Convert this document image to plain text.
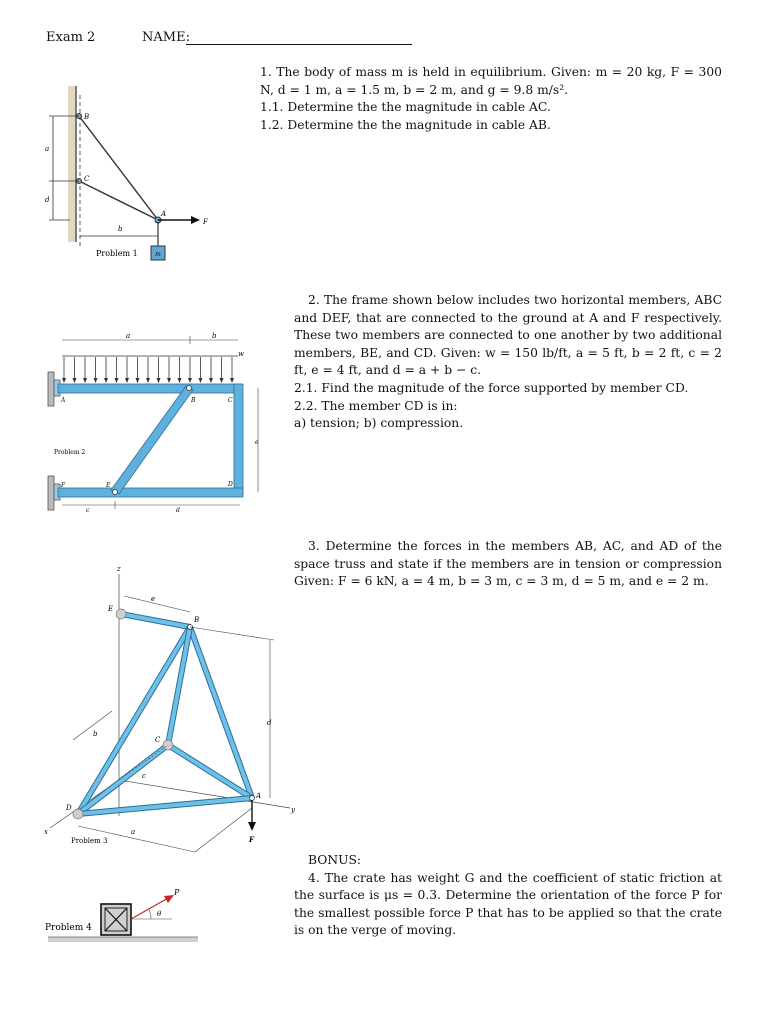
Exam 2	NAME:

1. The body of mass m is held in equilibrium. Given: m = 20 kg, F = 300 N, d = 1 m, a = 1.5 m, b = 2 m, and g = 9.8 m/s².

1.1. Determine the the magnitude in cable AC.

1.2. Determine the the magnitude in cable AB.

m
a
d
b
B
C
A
F
Problem 1

2. The frame shown below includes two horizontal members, ABC and DEF, that are connected to the ground at A and F respectively. These two members are connected to one another by two additional members, BE, and CD. Given: w = 150 lb/ft, a = 5 ft, b = 2 ft, c = 2 ft, e = 4 ft, and d = a + b − c.

2.1. Find the magnitude of the force supported by member CD.

2.2. The member CD is in:

a) tension; b) compression.

a	b
w
A	B	C
D
E
F
e
c	d
Problem 2

3. Determine the forces in the members AB, AC, and AD of the space truss and state if the members are in tension or compression Given: F = 6 kN, a = 4 m, b = 3 m, c = 3 m, d = 5 m, and e = 2 m.

z
x
y
F
d
e
b
c
a
E
B
C
D
A
Problem 3

BONUS:

4. The crate has weight G and the coefficient of static friction at the surface is μs = 0.3. Determine the orientation of the force P for the smallest possible force P that has to be applied so that the crate is on the verge of moving.

P
θ
Problem 4
